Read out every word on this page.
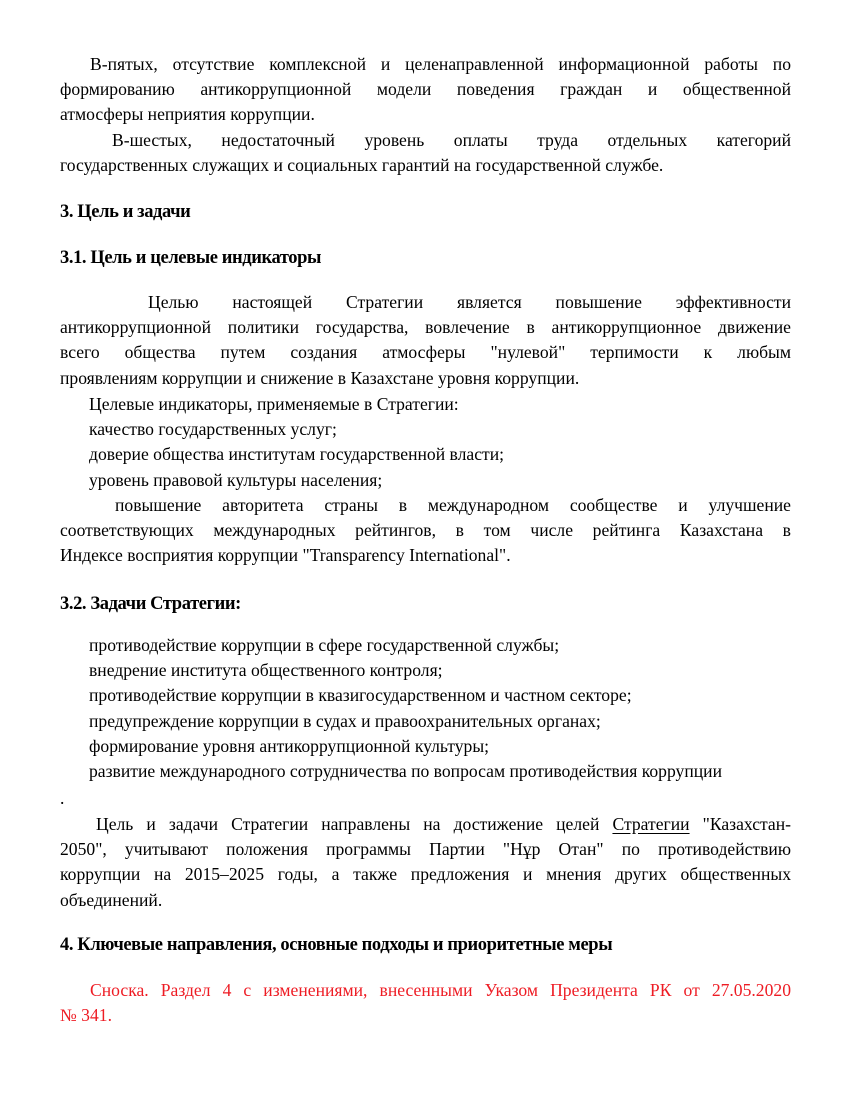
В-пятых, отсутствие комплексной и целенаправленной информационной работы по
формированию антикоррупционной модели поведения граждан и общественной
атмосферы неприятия коррупции.
В-шестых, недостаточный уровень оплаты труда отдельных категорий
государственных служащих и социальных гарантий на государственной службе.
3. Цель и задачи
3.1. Цель и целевые индикаторы
Целью настоящей Стратегии является повышение эффективности
антикоррупционной политики государства, вовлечение в антикоррупционное движение
всего общества путем создания атмосферы "нулевой" терпимости к любым
проявлениям коррупции и снижение в Казахстане уровня коррупции.
Целевые индикаторы, применяемые в Стратегии:
качество государственных услуг;
доверие общества институтам государственной власти;
уровень правовой культуры населения;
повышение авторитета страны в международном сообществе и улучшение
соответствующих международных рейтингов, в том числе рейтинга Казахстана в
Индексе восприятия коррупции "Transparency International".
3.2. Задачи Стратегии:
противодействие коррупции в сфере государственной службы;
внедрение института общественного контроля;
противодействие коррупции в квазигосударственном и частном секторе;
предупреждение коррупции в судах и правоохранительных органах;
формирование уровня антикоррупционной культуры;
развитие международного сотрудничества по вопросам противодействия коррупции
.
Цель и задачи Стратегии направлены на достижение целей Стратегии "Казахстан-
2050", учитывают положения программы Партии "Нұр Отан" по противодействию
коррупции на 2015–2025 годы, а также предложения и мнения других общественных
объединений.
4. Ключевые направления, основные подходы и приоритетные меры
Сноска. Раздел 4 с изменениями, внесенными Указом Президента РК от 27.05.2020
№ 341.
